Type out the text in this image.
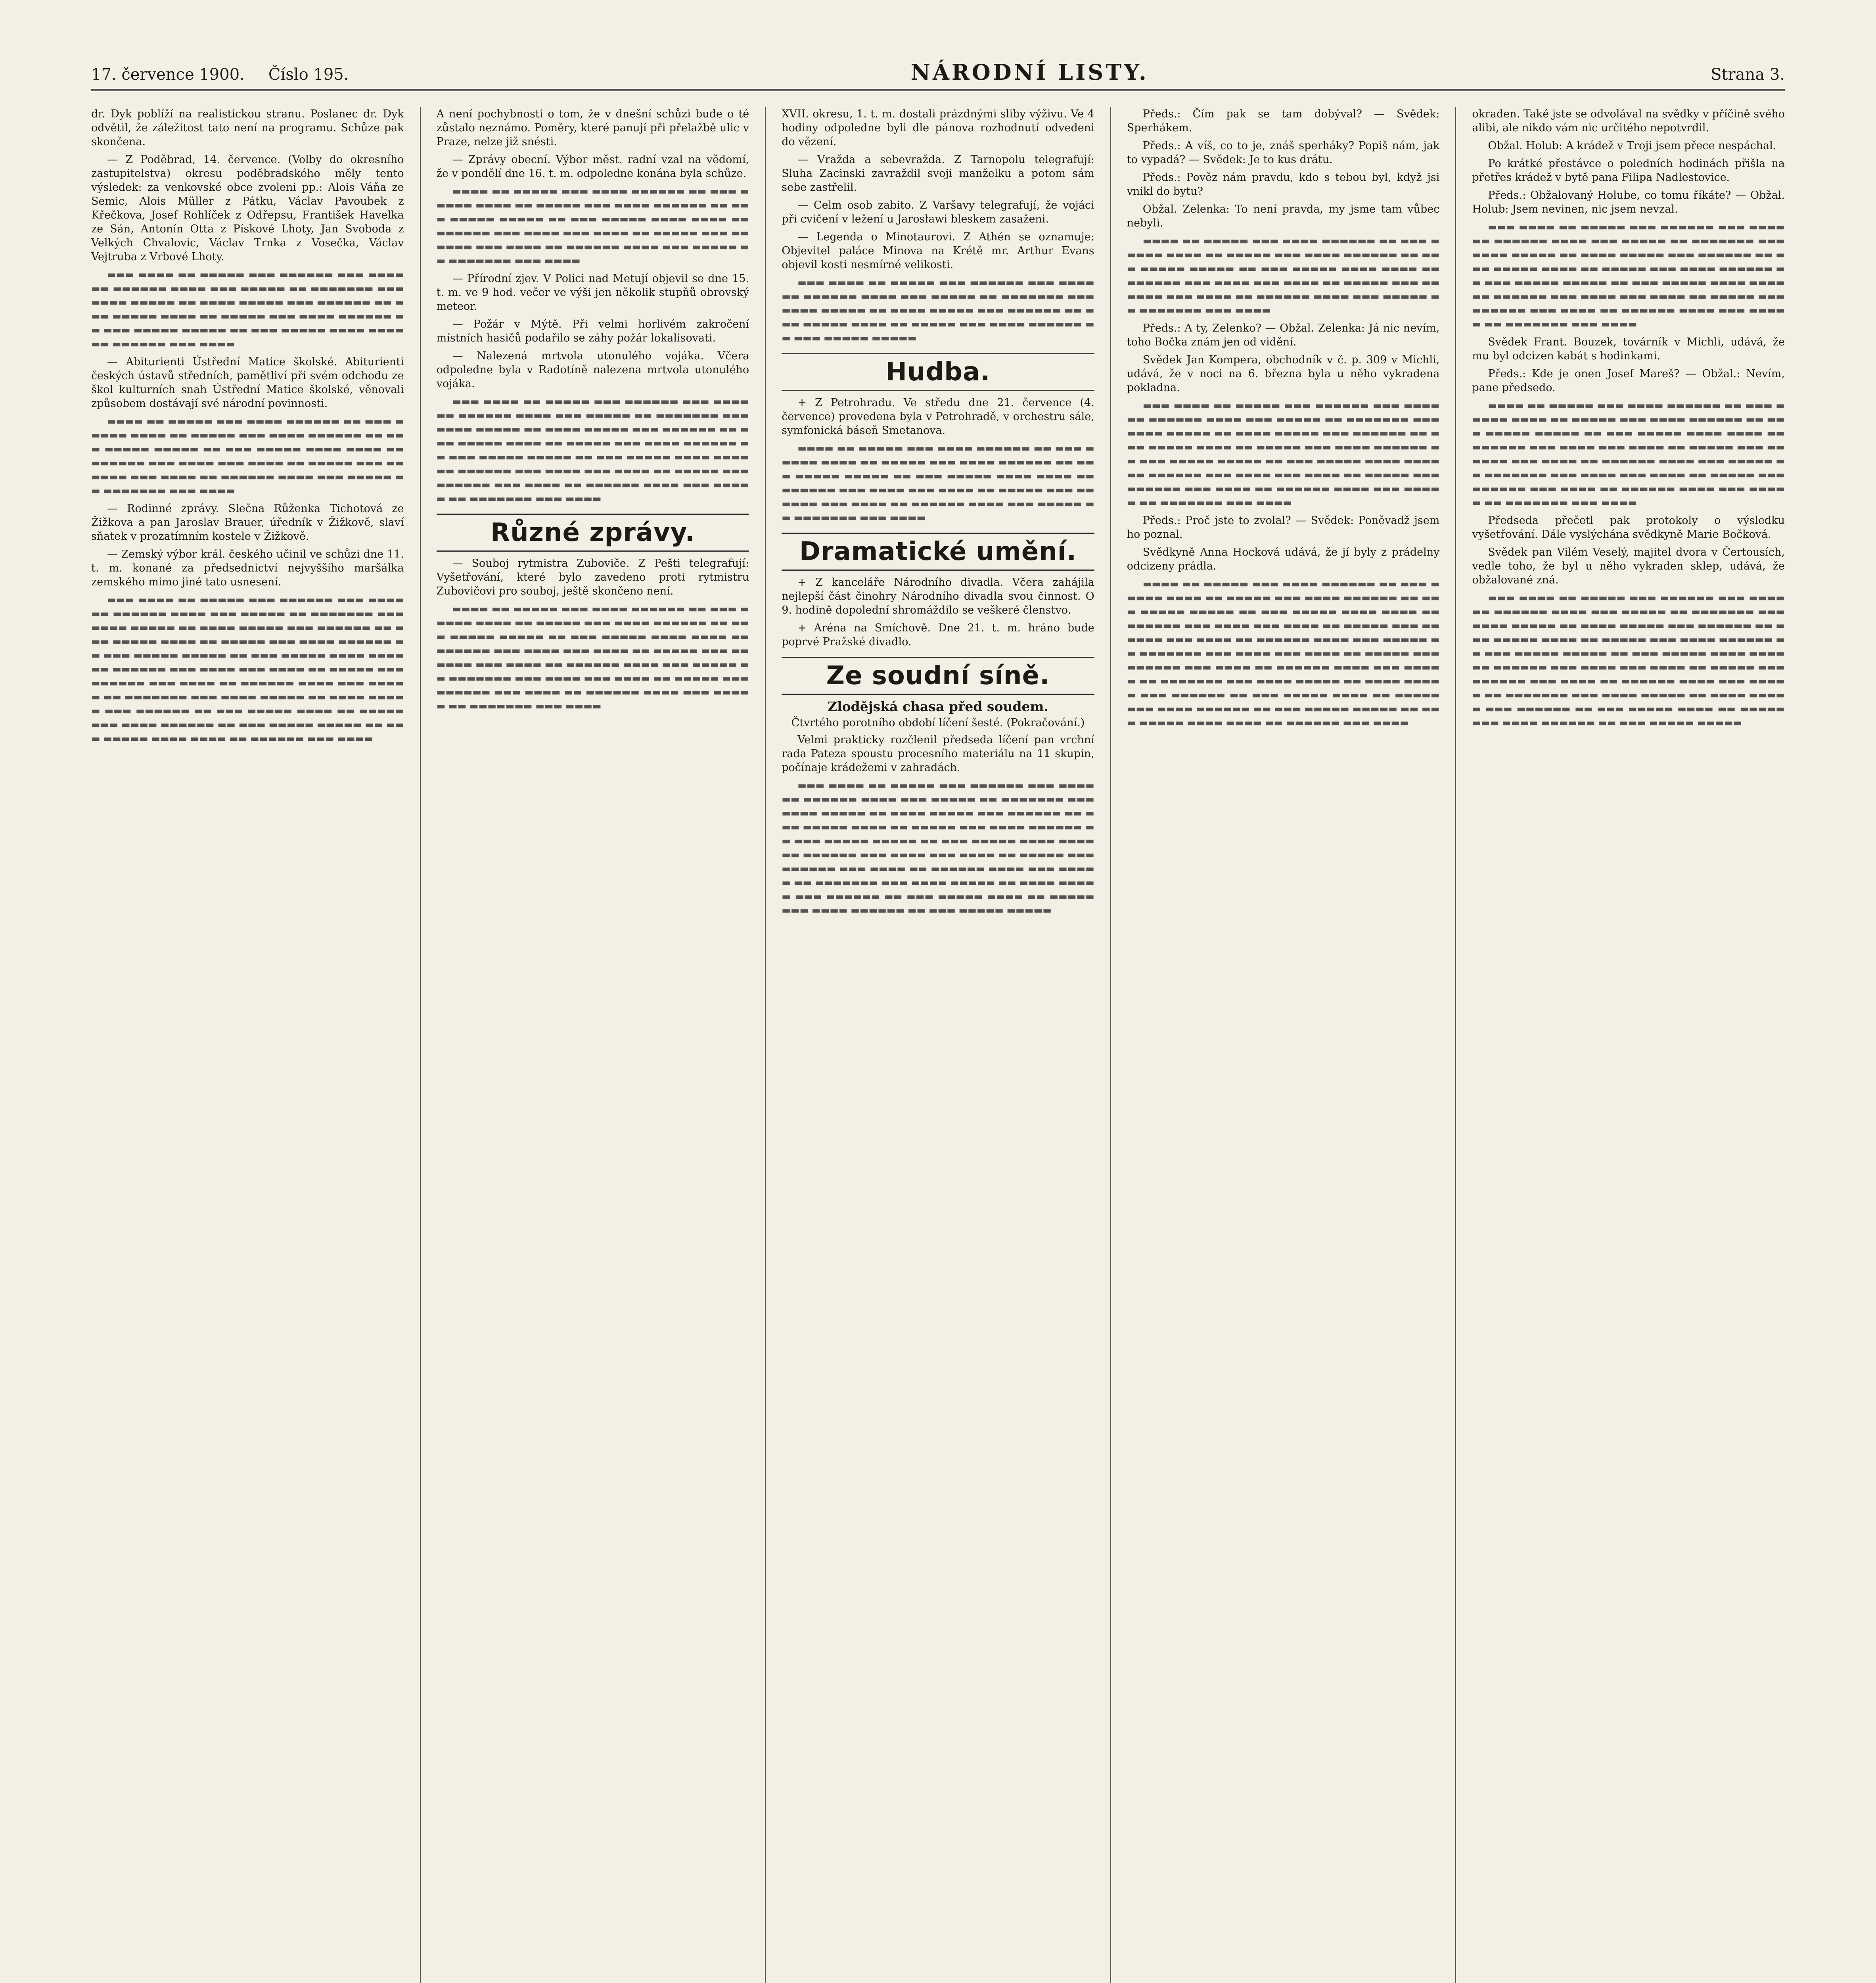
17. července 1900. Číslo 195.	NÁRODNÍ LISTY.	Strana 3.

dr. Dyk poblíží na realistickou stranu. Poslanec dr. Dyk odvětil, že záležitost tato není na programu. Schůze pak skončena.

— Z Poděbrad, 14. července. (Volby do okresního zastupitelstva) okresu poděbradského měly tento výsledek: za venkovské obce zvoleni pp.: Alois Váňa ze Semic, Alois Müller z Pátku, Václav Pavoubek z Křečkova, Josef Rohlíček z Odřepsu, František Havelka ze Sán, Antonín Otta z Pískové Lhoty, Jan Svoboda z Velkých Chvalovic, Václav Trnka z Vosečka, Václav Vejtruba z Vrbové Lhoty.

▬▬▬ ▬▬▬▬ ▬▬ ▬▬▬▬▬ ▬▬▬ ▬▬▬▬▬▬ ▬▬▬ ▬▬▬▬ ▬▬ ▬▬▬▬▬▬ ▬▬▬▬ ▬▬▬ ▬▬▬▬▬ ▬▬ ▬▬▬▬▬▬▬ ▬▬▬ ▬▬▬▬ ▬▬▬▬▬ ▬▬ ▬▬▬▬ ▬▬▬▬▬ ▬▬▬ ▬▬▬▬▬▬ ▬▬ ▬▬▬ ▬▬▬▬▬ ▬▬▬▬ ▬▬ ▬▬▬▬▬ ▬▬▬ ▬▬▬▬ ▬▬▬▬▬▬ ▬▬ ▬▬▬ ▬▬▬▬▬ ▬▬▬▬▬ ▬▬ ▬▬▬ ▬▬▬▬▬ ▬▬▬▬ ▬▬▬▬ ▬▬ ▬▬▬▬▬▬ ▬▬▬ ▬▬▬▬

— Abiturienti Ústřední Matice školské. Abiturienti českých ústavů středních, pamětliví při svém odchodu ze škol kulturních snah Ústřední Matice školské, věnovali způsobem dostávají své národní povinnosti.

▬▬▬▬ ▬▬ ▬▬▬▬▬ ▬▬▬ ▬▬▬▬ ▬▬▬▬▬▬ ▬▬ ▬▬▬ ▬▬▬▬▬ ▬▬▬▬ ▬▬ ▬▬▬▬▬ ▬▬▬ ▬▬▬▬ ▬▬▬▬▬▬ ▬▬ ▬▬▬ ▬▬▬▬▬ ▬▬▬▬▬ ▬▬ ▬▬▬ ▬▬▬▬▬ ▬▬▬▬ ▬▬▬▬ ▬▬ ▬▬▬▬▬▬ ▬▬▬ ▬▬▬▬ ▬▬▬ ▬▬▬▬ ▬▬ ▬▬▬▬▬ ▬▬▬ ▬▬▬▬▬▬ ▬▬▬ ▬▬▬▬ ▬▬ ▬▬▬▬▬▬ ▬▬▬▬ ▬▬▬ ▬▬▬▬▬ ▬▬ ▬▬▬▬▬▬▬ ▬▬▬ ▬▬▬▬

— Rodinné zprávy. Slečna Růženka Tichotová ze Žižkova a pan Jaroslav Brauer, úředník v Žižkově, slaví sňatek v prozatímním kostele v Žižkově.

— Zemský výbor král. českého učinil ve schůzi dne 11. t. m. konané za předsednictví nejvyššího maršálka zemského mimo jiné tato usnesení.

▬▬▬ ▬▬▬▬ ▬▬ ▬▬▬▬▬ ▬▬▬ ▬▬▬▬▬▬ ▬▬▬ ▬▬▬▬ ▬▬ ▬▬▬▬▬▬ ▬▬▬▬ ▬▬▬ ▬▬▬▬▬ ▬▬ ▬▬▬▬▬▬▬ ▬▬▬ ▬▬▬▬ ▬▬▬▬▬ ▬▬ ▬▬▬▬ ▬▬▬▬▬ ▬▬▬ ▬▬▬▬▬▬ ▬▬ ▬▬▬ ▬▬▬▬▬ ▬▬▬▬ ▬▬ ▬▬▬▬▬ ▬▬▬ ▬▬▬▬ ▬▬▬▬▬▬ ▬▬ ▬▬▬ ▬▬▬▬▬ ▬▬▬▬▬ ▬▬ ▬▬▬ ▬▬▬▬▬ ▬▬▬▬ ▬▬▬▬ ▬▬ ▬▬▬▬▬▬ ▬▬▬ ▬▬▬▬ ▬▬▬ ▬▬▬▬ ▬▬ ▬▬▬▬▬ ▬▬▬ ▬▬▬▬▬▬ ▬▬▬ ▬▬▬▬ ▬▬ ▬▬▬▬▬▬ ▬▬▬▬ ▬▬▬ ▬▬▬▬▬ ▬▬ ▬▬▬▬▬▬▬ ▬▬▬ ▬▬▬▬ ▬▬▬▬▬ ▬▬ ▬▬▬▬ ▬▬▬▬▬ ▬▬▬ ▬▬▬▬▬▬ ▬▬ ▬▬▬ ▬▬▬▬▬ ▬▬▬▬ ▬▬ ▬▬▬▬▬ ▬▬▬ ▬▬▬▬ ▬▬▬▬▬▬ ▬▬ ▬▬▬ ▬▬▬▬▬ ▬▬▬▬▬ ▬▬ ▬▬▬ ▬▬▬▬▬ ▬▬▬▬ ▬▬▬▬ ▬▬ ▬▬▬▬▬▬ ▬▬▬ ▬▬▬▬

A není pochybnosti o tom, že v dnešní schůzi bude o té zůstalo neznámo. Poměry, které panují při přelažbě ulic v Praze, nelze již snésti.

— Zprávy obecní. Výbor měst. radní vzal na vědomí, že v pondělí dne 16. t. m. odpoledne konána byla schůze.

▬▬▬▬ ▬▬ ▬▬▬▬▬ ▬▬▬ ▬▬▬▬ ▬▬▬▬▬▬ ▬▬ ▬▬▬ ▬▬▬▬▬ ▬▬▬▬ ▬▬ ▬▬▬▬▬ ▬▬▬ ▬▬▬▬ ▬▬▬▬▬▬ ▬▬ ▬▬▬ ▬▬▬▬▬ ▬▬▬▬▬ ▬▬ ▬▬▬ ▬▬▬▬▬ ▬▬▬▬ ▬▬▬▬ ▬▬ ▬▬▬▬▬▬ ▬▬▬ ▬▬▬▬ ▬▬▬ ▬▬▬▬ ▬▬ ▬▬▬▬▬ ▬▬▬ ▬▬▬▬▬▬ ▬▬▬ ▬▬▬▬ ▬▬ ▬▬▬▬▬▬ ▬▬▬▬ ▬▬▬ ▬▬▬▬▬ ▬▬ ▬▬▬▬▬▬▬ ▬▬▬ ▬▬▬▬

— Přírodní zjev. V Polici nad Metují objevil se dne 15. t. m. ve 9 hod. večer ve výši jen několik stupňů obrovský meteor.

— Požár v Mýtě. Při velmi horlivém zakročení místních hasičů podařilo se záhy požár lokalisovati.

— Nalezená mrtvola utonulého vojáka. Včera odpoledne byla v Radotíně nalezena mrtvola utonulého vojáka.

▬▬▬ ▬▬▬▬ ▬▬ ▬▬▬▬▬ ▬▬▬ ▬▬▬▬▬▬ ▬▬▬ ▬▬▬▬ ▬▬ ▬▬▬▬▬▬ ▬▬▬▬ ▬▬▬ ▬▬▬▬▬ ▬▬ ▬▬▬▬▬▬▬ ▬▬▬ ▬▬▬▬ ▬▬▬▬▬ ▬▬ ▬▬▬▬ ▬▬▬▬▬ ▬▬▬ ▬▬▬▬▬▬ ▬▬ ▬▬▬ ▬▬▬▬▬ ▬▬▬▬ ▬▬ ▬▬▬▬▬ ▬▬▬ ▬▬▬▬ ▬▬▬▬▬▬ ▬▬ ▬▬▬ ▬▬▬▬▬ ▬▬▬▬▬ ▬▬ ▬▬▬ ▬▬▬▬▬ ▬▬▬▬ ▬▬▬▬ ▬▬ ▬▬▬▬▬▬ ▬▬▬ ▬▬▬▬ ▬▬▬ ▬▬▬▬ ▬▬ ▬▬▬▬▬ ▬▬▬ ▬▬▬▬▬▬ ▬▬▬ ▬▬▬▬ ▬▬ ▬▬▬▬▬▬ ▬▬▬▬ ▬▬▬ ▬▬▬▬▬ ▬▬ ▬▬▬▬▬▬▬ ▬▬▬ ▬▬▬▬

Různé zprávy.

— Souboj rytmistra Zuboviče. Z Pešti telegrafují: Vyšetřování, které bylo zavedeno proti rytmistru Zubovičovi pro souboj, ještě skončeno není.

▬▬▬▬ ▬▬ ▬▬▬▬▬ ▬▬▬ ▬▬▬▬ ▬▬▬▬▬▬ ▬▬ ▬▬▬ ▬▬▬▬▬ ▬▬▬▬ ▬▬ ▬▬▬▬▬ ▬▬▬ ▬▬▬▬ ▬▬▬▬▬▬ ▬▬ ▬▬▬ ▬▬▬▬▬ ▬▬▬▬▬ ▬▬ ▬▬▬ ▬▬▬▬▬ ▬▬▬▬ ▬▬▬▬ ▬▬ ▬▬▬▬▬▬ ▬▬▬ ▬▬▬▬ ▬▬▬ ▬▬▬▬ ▬▬ ▬▬▬▬▬ ▬▬▬ ▬▬▬▬▬▬ ▬▬▬ ▬▬▬▬ ▬▬ ▬▬▬▬▬▬ ▬▬▬▬ ▬▬▬ ▬▬▬▬▬ ▬▬ ▬▬▬▬▬▬▬ ▬▬▬ ▬▬▬▬ ▬▬▬ ▬▬▬▬ ▬▬ ▬▬▬▬▬ ▬▬▬ ▬▬▬▬▬▬ ▬▬▬ ▬▬▬▬ ▬▬ ▬▬▬▬▬▬ ▬▬▬▬ ▬▬▬ ▬▬▬▬▬ ▬▬ ▬▬▬▬▬▬▬ ▬▬▬ ▬▬▬▬

XVII. okresu, 1. t. m. dostali prázdnými sliby výživu. Ve 4 hodiny odpoledne byli dle pánova rozhodnutí odvedeni do vězení.

— Vražda a sebevražda. Z Tarnopolu telegrafují: Sluha Zacinski zavraždil svoji manželku a potom sám sebe zastřelil.

— Celm osob zabito. Z Varšavy telegrafují, že vojáci při cvičení v ležení u Jarosławi bleskem zasaženi.

— Legenda o Minotaurovi. Z Athén se oznamuje: Objevitel paláce Minova na Krétě mr. Arthur Evans objevil kosti nesmírné velikosti.

▬▬▬ ▬▬▬▬ ▬▬ ▬▬▬▬▬ ▬▬▬ ▬▬▬▬▬▬ ▬▬▬ ▬▬▬▬ ▬▬ ▬▬▬▬▬▬ ▬▬▬▬ ▬▬▬ ▬▬▬▬▬ ▬▬ ▬▬▬▬▬▬▬ ▬▬▬ ▬▬▬▬ ▬▬▬▬▬ ▬▬ ▬▬▬▬ ▬▬▬▬▬ ▬▬▬ ▬▬▬▬▬▬ ▬▬ ▬▬▬ ▬▬▬▬▬ ▬▬▬▬ ▬▬ ▬▬▬▬▬ ▬▬▬ ▬▬▬▬ ▬▬▬▬▬▬ ▬▬ ▬▬▬ ▬▬▬▬▬ ▬▬▬▬▬

Hudba.

+ Z Petrohradu. Ve středu dne 21. července (4. července) provedena byla v Petrohradě, v orchestru sále, symfonická báseň Smetanova.

▬▬▬▬ ▬▬ ▬▬▬▬▬ ▬▬▬ ▬▬▬▬ ▬▬▬▬▬▬ ▬▬ ▬▬▬ ▬▬▬▬▬ ▬▬▬▬ ▬▬ ▬▬▬▬▬ ▬▬▬ ▬▬▬▬ ▬▬▬▬▬▬ ▬▬ ▬▬▬ ▬▬▬▬▬ ▬▬▬▬▬ ▬▬ ▬▬▬ ▬▬▬▬▬ ▬▬▬▬ ▬▬▬▬ ▬▬ ▬▬▬▬▬▬ ▬▬▬ ▬▬▬▬ ▬▬▬ ▬▬▬▬ ▬▬ ▬▬▬▬▬ ▬▬▬ ▬▬▬▬▬▬ ▬▬▬ ▬▬▬▬ ▬▬ ▬▬▬▬▬▬ ▬▬▬▬ ▬▬▬ ▬▬▬▬▬ ▬▬ ▬▬▬▬▬▬▬ ▬▬▬ ▬▬▬▬

Dramatické umění.

+ Z kanceláře Národního divadla. Včera zahájila nejlepší část činohry Národního divadla svou činnost. O 9. hodině dopolední shromáždilo se veškeré členstvo.

+ Aréna na Smíchově. Dne 21. t. m. hráno bude poprvé Pražské divadlo.

Ze soudní síně.
Zlodějská chasa před soudem.
Čtvrtého porotního období líčení šesté. (Pokračování.)

Velmi prakticky rozčlenil předseda líčení pan vrchní rada Pateza spoustu procesního materiálu na 11 skupin, počínaje krádežemi v zahradách.

▬▬▬ ▬▬▬▬ ▬▬ ▬▬▬▬▬ ▬▬▬ ▬▬▬▬▬▬ ▬▬▬ ▬▬▬▬ ▬▬ ▬▬▬▬▬▬ ▬▬▬▬ ▬▬▬ ▬▬▬▬▬ ▬▬ ▬▬▬▬▬▬▬ ▬▬▬ ▬▬▬▬ ▬▬▬▬▬ ▬▬ ▬▬▬▬ ▬▬▬▬▬ ▬▬▬ ▬▬▬▬▬▬ ▬▬ ▬▬▬ ▬▬▬▬▬ ▬▬▬▬ ▬▬ ▬▬▬▬▬ ▬▬▬ ▬▬▬▬ ▬▬▬▬▬▬ ▬▬ ▬▬▬ ▬▬▬▬▬ ▬▬▬▬▬ ▬▬ ▬▬▬ ▬▬▬▬▬ ▬▬▬▬ ▬▬▬▬ ▬▬ ▬▬▬▬▬▬ ▬▬▬ ▬▬▬▬ ▬▬▬ ▬▬▬▬ ▬▬ ▬▬▬▬▬ ▬▬▬ ▬▬▬▬▬▬ ▬▬▬ ▬▬▬▬ ▬▬ ▬▬▬▬▬▬ ▬▬▬▬ ▬▬▬ ▬▬▬▬▬ ▬▬ ▬▬▬▬▬▬▬ ▬▬▬ ▬▬▬▬ ▬▬▬▬▬ ▬▬ ▬▬▬▬ ▬▬▬▬▬ ▬▬▬ ▬▬▬▬▬▬ ▬▬ ▬▬▬ ▬▬▬▬▬ ▬▬▬▬ ▬▬ ▬▬▬▬▬ ▬▬▬ ▬▬▬▬ ▬▬▬▬▬▬ ▬▬ ▬▬▬ ▬▬▬▬▬ ▬▬▬▬▬

Předs.: Čím pak se tam dobýval? — Svědek: Sperhákem.

Předs.: A víš, co to je, znáš sperháky? Popiš nám, jak to vypadá? — Svědek: Je to kus drátu.

Předs.: Pověz nám pravdu, kdo s tebou byl, když jsi vnikl do bytu?

Obžal. Zelenka: To není pravda, my jsme tam vůbec nebyli.

▬▬▬▬ ▬▬ ▬▬▬▬▬ ▬▬▬ ▬▬▬▬ ▬▬▬▬▬▬ ▬▬ ▬▬▬ ▬▬▬▬▬ ▬▬▬▬ ▬▬ ▬▬▬▬▬ ▬▬▬ ▬▬▬▬ ▬▬▬▬▬▬ ▬▬ ▬▬▬ ▬▬▬▬▬ ▬▬▬▬▬ ▬▬ ▬▬▬ ▬▬▬▬▬ ▬▬▬▬ ▬▬▬▬ ▬▬ ▬▬▬▬▬▬ ▬▬▬ ▬▬▬▬ ▬▬▬ ▬▬▬▬ ▬▬ ▬▬▬▬▬ ▬▬▬ ▬▬▬▬▬▬ ▬▬▬ ▬▬▬▬ ▬▬ ▬▬▬▬▬▬ ▬▬▬▬ ▬▬▬ ▬▬▬▬▬ ▬▬ ▬▬▬▬▬▬▬ ▬▬▬ ▬▬▬▬

Předs.: A ty, Zelenko? — Obžal. Zelenka: Já nic nevím, toho Bočka znám jen od vidění.

Svědek Jan Kompera, obchodník v č. p. 309 v Michli, udává, že v noci na 6. března byla u něho vykradena pokladna.

▬▬▬ ▬▬▬▬ ▬▬ ▬▬▬▬▬ ▬▬▬ ▬▬▬▬▬▬ ▬▬▬ ▬▬▬▬ ▬▬ ▬▬▬▬▬▬ ▬▬▬▬ ▬▬▬ ▬▬▬▬▬ ▬▬ ▬▬▬▬▬▬▬ ▬▬▬ ▬▬▬▬ ▬▬▬▬▬ ▬▬ ▬▬▬▬ ▬▬▬▬▬ ▬▬▬ ▬▬▬▬▬▬ ▬▬ ▬▬▬ ▬▬▬▬▬ ▬▬▬▬ ▬▬ ▬▬▬▬▬ ▬▬▬ ▬▬▬▬ ▬▬▬▬▬▬ ▬▬ ▬▬▬ ▬▬▬▬▬ ▬▬▬▬▬ ▬▬ ▬▬▬ ▬▬▬▬▬ ▬▬▬▬ ▬▬▬▬ ▬▬ ▬▬▬▬▬▬ ▬▬▬ ▬▬▬▬ ▬▬▬ ▬▬▬▬ ▬▬ ▬▬▬▬▬ ▬▬▬ ▬▬▬▬▬▬ ▬▬▬ ▬▬▬▬ ▬▬ ▬▬▬▬▬▬ ▬▬▬▬ ▬▬▬ ▬▬▬▬▬ ▬▬ ▬▬▬▬▬▬▬ ▬▬▬ ▬▬▬▬

Předs.: Proč jste to zvolal? — Svědek: Poněvadž jsem ho poznal.

Svědkyně Anna Hocková udává, že jí byly z prádelny odcizeny prádla.

▬▬▬▬ ▬▬ ▬▬▬▬▬ ▬▬▬ ▬▬▬▬ ▬▬▬▬▬▬ ▬▬ ▬▬▬ ▬▬▬▬▬ ▬▬▬▬ ▬▬ ▬▬▬▬▬ ▬▬▬ ▬▬▬▬ ▬▬▬▬▬▬ ▬▬ ▬▬▬ ▬▬▬▬▬ ▬▬▬▬▬ ▬▬ ▬▬▬ ▬▬▬▬▬ ▬▬▬▬ ▬▬▬▬ ▬▬ ▬▬▬▬▬▬ ▬▬▬ ▬▬▬▬ ▬▬▬ ▬▬▬▬ ▬▬ ▬▬▬▬▬ ▬▬▬ ▬▬▬▬▬▬ ▬▬▬ ▬▬▬▬ ▬▬ ▬▬▬▬▬▬ ▬▬▬▬ ▬▬▬ ▬▬▬▬▬ ▬▬ ▬▬▬▬▬▬▬ ▬▬▬ ▬▬▬▬ ▬▬▬ ▬▬▬▬ ▬▬ ▬▬▬▬▬ ▬▬▬ ▬▬▬▬▬▬ ▬▬▬ ▬▬▬▬ ▬▬ ▬▬▬▬▬▬ ▬▬▬▬ ▬▬▬ ▬▬▬▬▬ ▬▬ ▬▬▬▬▬▬▬ ▬▬▬ ▬▬▬▬ ▬▬▬▬▬ ▬▬ ▬▬▬▬ ▬▬▬▬▬ ▬▬▬ ▬▬▬▬▬▬ ▬▬ ▬▬▬ ▬▬▬▬▬ ▬▬▬▬ ▬▬ ▬▬▬▬▬ ▬▬▬ ▬▬▬▬ ▬▬▬▬▬▬ ▬▬ ▬▬▬ ▬▬▬▬▬ ▬▬▬▬▬ ▬▬ ▬▬▬ ▬▬▬▬▬ ▬▬▬▬ ▬▬▬▬ ▬▬ ▬▬▬▬▬▬ ▬▬▬ ▬▬▬▬

okraden. Také jste se odvolával na svědky v příčině svého alibi, ale nikdo vám nic určitého nepotvrdil.

Obžal. Holub: A krádež v Troji jsem přece nespáchal.

Po krátké přestávce o poledních hodinách přišla na přetřes krádež v bytě pana Filipa Nadlestovice.

Předs.: Obžalovaný Holube, co tomu říkáte? — Obžal. Holub: Jsem nevinen, nic jsem nevzal.

▬▬▬ ▬▬▬▬ ▬▬ ▬▬▬▬▬ ▬▬▬ ▬▬▬▬▬▬ ▬▬▬ ▬▬▬▬ ▬▬ ▬▬▬▬▬▬ ▬▬▬▬ ▬▬▬ ▬▬▬▬▬ ▬▬ ▬▬▬▬▬▬▬ ▬▬▬ ▬▬▬▬ ▬▬▬▬▬ ▬▬ ▬▬▬▬ ▬▬▬▬▬ ▬▬▬ ▬▬▬▬▬▬ ▬▬ ▬▬▬ ▬▬▬▬▬ ▬▬▬▬ ▬▬ ▬▬▬▬▬ ▬▬▬ ▬▬▬▬ ▬▬▬▬▬▬ ▬▬ ▬▬▬ ▬▬▬▬▬ ▬▬▬▬▬ ▬▬ ▬▬▬ ▬▬▬▬▬ ▬▬▬▬ ▬▬▬▬ ▬▬ ▬▬▬▬▬▬ ▬▬▬ ▬▬▬▬ ▬▬▬ ▬▬▬▬ ▬▬ ▬▬▬▬▬ ▬▬▬ ▬▬▬▬▬▬ ▬▬▬ ▬▬▬▬ ▬▬ ▬▬▬▬▬▬ ▬▬▬▬ ▬▬▬ ▬▬▬▬▬ ▬▬ ▬▬▬▬▬▬▬ ▬▬▬ ▬▬▬▬

Svědek Frant. Bouzek, továrník v Michli, udává, že mu byl odcizen kabát s hodinkami.

Předs.: Kde je onen Josef Mareš? — Obžal.: Nevím, pane předsedo.

▬▬▬▬ ▬▬ ▬▬▬▬▬ ▬▬▬ ▬▬▬▬ ▬▬▬▬▬▬ ▬▬ ▬▬▬ ▬▬▬▬▬ ▬▬▬▬ ▬▬ ▬▬▬▬▬ ▬▬▬ ▬▬▬▬ ▬▬▬▬▬▬ ▬▬ ▬▬▬ ▬▬▬▬▬ ▬▬▬▬▬ ▬▬ ▬▬▬ ▬▬▬▬▬ ▬▬▬▬ ▬▬▬▬ ▬▬ ▬▬▬▬▬▬ ▬▬▬ ▬▬▬▬ ▬▬▬ ▬▬▬▬ ▬▬ ▬▬▬▬▬ ▬▬▬ ▬▬▬▬▬▬ ▬▬▬ ▬▬▬▬ ▬▬ ▬▬▬▬▬▬ ▬▬▬▬ ▬▬▬ ▬▬▬▬▬ ▬▬ ▬▬▬▬▬▬▬ ▬▬▬ ▬▬▬▬ ▬▬▬ ▬▬▬▬ ▬▬ ▬▬▬▬▬ ▬▬▬ ▬▬▬▬▬▬ ▬▬▬ ▬▬▬▬ ▬▬ ▬▬▬▬▬▬ ▬▬▬▬ ▬▬▬ ▬▬▬▬▬ ▬▬ ▬▬▬▬▬▬▬ ▬▬▬ ▬▬▬▬

Předseda přečetl pak protokoly o výsledku vyšetřování. Dále vyslýchána svědkyně Marie Bočková.

Svědek pan Vilém Veselý, majitel dvora v Čertousích, vedle toho, že byl u něho vykraden sklep, udává, že obžalované zná.

▬▬▬ ▬▬▬▬ ▬▬ ▬▬▬▬▬ ▬▬▬ ▬▬▬▬▬▬ ▬▬▬ ▬▬▬▬ ▬▬ ▬▬▬▬▬▬ ▬▬▬▬ ▬▬▬ ▬▬▬▬▬ ▬▬ ▬▬▬▬▬▬▬ ▬▬▬ ▬▬▬▬ ▬▬▬▬▬ ▬▬ ▬▬▬▬ ▬▬▬▬▬ ▬▬▬ ▬▬▬▬▬▬ ▬▬ ▬▬▬ ▬▬▬▬▬ ▬▬▬▬ ▬▬ ▬▬▬▬▬ ▬▬▬ ▬▬▬▬ ▬▬▬▬▬▬ ▬▬ ▬▬▬ ▬▬▬▬▬ ▬▬▬▬▬ ▬▬ ▬▬▬ ▬▬▬▬▬ ▬▬▬▬ ▬▬▬▬ ▬▬ ▬▬▬▬▬▬ ▬▬▬ ▬▬▬▬ ▬▬▬ ▬▬▬▬ ▬▬ ▬▬▬▬▬ ▬▬▬ ▬▬▬▬▬▬ ▬▬▬ ▬▬▬▬ ▬▬ ▬▬▬▬▬▬ ▬▬▬▬ ▬▬▬ ▬▬▬▬▬ ▬▬ ▬▬▬▬▬▬▬ ▬▬▬ ▬▬▬▬ ▬▬▬▬▬ ▬▬ ▬▬▬▬ ▬▬▬▬▬ ▬▬▬ ▬▬▬▬▬▬ ▬▬ ▬▬▬ ▬▬▬▬▬ ▬▬▬▬ ▬▬ ▬▬▬▬▬ ▬▬▬ ▬▬▬▬ ▬▬▬▬▬▬ ▬▬ ▬▬▬ ▬▬▬▬▬ ▬▬▬▬▬
